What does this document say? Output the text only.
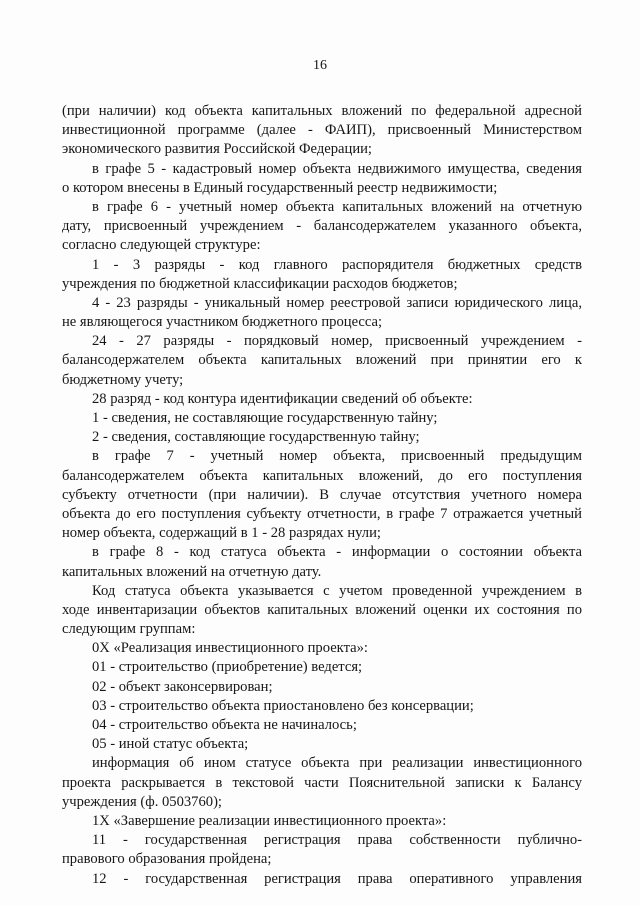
16
(при наличии) код объекта капитальных вложений по федеральной адресной
инвестиционной программе (далее - ФАИП), присвоенный Министерством
экономического развития Российской Федерации;
в графе 5 - кадастровый номер объекта недвижимого имущества, сведения
о котором внесены в Единый государственный реестр недвижимости;
в графе 6 - учетный номер объекта капитальных вложений на отчетную
дату, присвоенный учреждением - балансодержателем указанного объекта,
согласно следующей структуре:
1 - 3 разряды - код главного распорядителя бюджетных средств
учреждения по бюджетной классификации расходов бюджетов;
4 - 23 разряды - уникальный номер реестровой записи юридического лица,
не являющегося участником бюджетного процесса;
24 - 27 разряды - порядковый номер, присвоенный учреждением -
балансодержателем объекта капитальных вложений при принятии его к
бюджетному учету;
28 разряд - код контура идентификации сведений об объекте:
1 - сведения, не составляющие государственную тайну;
2 - сведения, составляющие государственную тайну;
в графе 7 - учетный номер объекта, присвоенный предыдущим
балансодержателем объекта капитальных вложений, до его поступления
субъекту отчетности (при наличии). В случае отсутствия учетного номера
объекта до его поступления субъекту отчетности, в графе 7 отражается учетный
номер объекта, содержащий в 1 - 28 разрядах нули;
в графе 8 - код статуса объекта - информации о состоянии объекта
капитальных вложений на отчетную дату.
Код статуса объекта указывается с учетом проведенной учреждением в
ходе инвентаризации объектов капитальных вложений оценки их состояния по
следующим группам:
0Х «Реализация инвестиционного проекта»:
01 - строительство (приобретение) ведется;
02 - объект законсервирован;
03 - строительство объекта приостановлено без консервации;
04 - строительство объекта не начиналось;
05 - иной статус объекта;
информация об ином статусе объекта при реализации инвестиционного
проекта раскрывается в текстовой части Пояснительной записки к Балансу
учреждения (ф. 0503760);
1Х «Завершение реализации инвестиционного проекта»:
11 - государственная регистрация права собственности публично-
правового образования пройдена;
12 - государственная регистрация права оперативного управления
